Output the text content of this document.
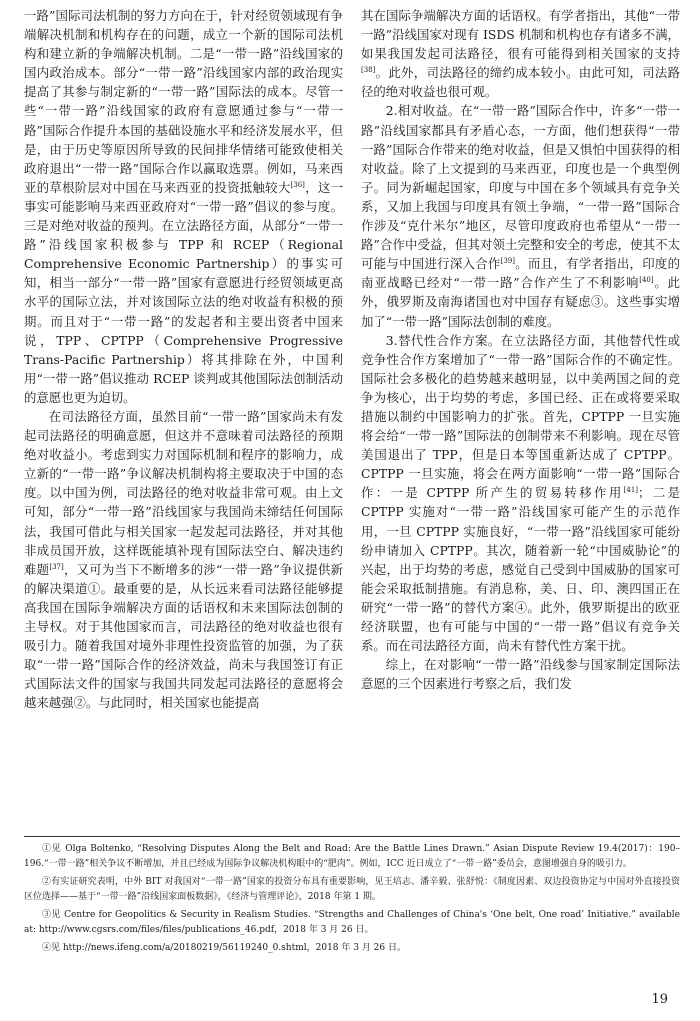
一路”国际司法机制的努力方向在于，针对经贸领域现有争端解决机制和机构存在的问题，成立一个新的国际司法机构和建立新的争端解决机制。二是“一带一路”沿线国家的国内政治成本。部分“一带一路”沿线国家内部的政治现实提高了其参与制定新的“一带一路”国际法的成本。尽管一些“一带一路”沿线国家的政府有意愿通过参与“一带一路”国际合作提升本国的基础设施水平和经济发展水平，但是，由于历史等原因所导致的民间排华情绪可能致使相关政府退出“一带一路”国际合作以赢取选票。例如，马来西亚的草根阶层对中国在马来西亚的投资抵触较大[36]，这一事实可能影响马来西亚政府对“一带一路”倡议的参与度。三是对绝对收益的预判。在立法路径方面，从部分“一带一路”沿线国家积极参与 TPP 和 RCEP（Regional Comprehensive Economic Partnership）的事实可知，相当一部分“一带一路”国家有意愿进行经贸领域更高水平的国际立法，并对该国际立法的绝对收益有积极的预期。而且对于“一带一路”的发起者和主要出资者中国来说，TPP、CPTPP（Comprehensive Progressive Trans-Pacific Partnership）将其排除在外，中国利用“一带一路”倡议推动 RCEP 谈判或其他国际法创制活动的意愿也更为迫切。

在司法路径方面，虽然目前“一带一路”国家尚未有发起司法路径的明确意愿，但这并不意味着司法路径的预期绝对收益小。考虑到实力对国际机制和程序的影响力，成立新的“一带一路”争议解决机制构将主要取决于中国的态度。以中国为例，司法路径的绝对收益非常可观。由上文可知，部分“一带一路”沿线国家与我国尚未缔结任何国际法，我国可借此与相关国家一起发起司法路径，并对其他非成员国开放，这样既能填补现有国际法空白、解决违约难题[37]，又可为当下不断增多的涉“一带一路”争议提供新的解决渠道①。最重要的是，从长远来看司法路径能够提高我国在国际争端解决方面的话语权和未来国际法创制的主导权。对于其他国家而言，司法路径的绝对收益也很有吸引力。随着我国对境外非理性投资监管的加强，为了获取“一带一路”国际合作的经济效益，尚未与我国签订有正式国际法文件的国家与我国共同发起司法路径的意愿将会越来越强②。与此同时，相关国家也能提高

其在国际争端解决方面的话语权。有学者指出，其他“一带一路”沿线国家对现有 ISDS 机制和机构也存有诸多不满，如果我国发起司法路径，很有可能得到相关国家的支持[38]。此外，司法路径的缔约成本较小。由此可知，司法路径的绝对收益也很可观。

2.相对收益。在“一带一路”国际合作中，许多“一带一路”沿线国家都具有矛盾心态，一方面，他们想获得“一带一路”国际合作带来的绝对收益，但是又惧怕中国获得的相对收益。除了上文提到的马来西亚，印度也是一个典型例子。同为新崛起国家，印度与中国在多个领域具有竞争关系，又加上我国与印度具有领土争端，“一带一路”国际合作涉及“克什米尔”地区，尽管印度政府也希望从“一带一路”合作中受益，但其对领土完整和安全的考虑，使其不太可能与中国进行深入合作[39]。而且，有学者指出，印度的南亚战略已经对“一带一路”合作产生了不利影响[40]。此外，俄罗斯及南海诸国也对中国存有疑虑③。这些事实增加了“一带一路”国际法创制的难度。

3.替代性合作方案。在立法路径方面，其他替代性或竞争性合作方案增加了“一带一路”国际合作的不确定性。国际社会多极化的趋势越来越明显，以中美两国之间的竞争为核心，出于均势的考虑，多国已经、正在或将要采取措施以制约中国影响力的扩张。首先，CPTPP 一旦实施将会给“一带一路”国际法的创制带来不利影响。现在尽管美国退出了 TPP，但是日本等国重新达成了 CPTPP。CPTPP 一旦实施，将会在两方面影响“一带一路”国际合作：一是 CPTPP 所产生的贸易转移作用[41]；二是 CPTPP 实施对“一带一路”沿线国家可能产生的示范作用，一旦 CPTPP 实施良好，“一带一路”沿线国家可能纷纷申请加入 CPTPP。其次，随着新一轮“中国威胁论”的兴起，出于均势的考虑，感觉自己受到中国威胁的国家可能会采取抵制措施。有消息称，美、日、印、澳四国正在研究“一带一路”的替代方案④。此外，俄罗斯提出的欧亚经济联盟，也有可能与中国的“一带一路”倡议有竞争关系。而在司法路径方面，尚未有替代性方案干扰。

综上，在对影响“一带一路”沿线参与国家制定国际法意愿的三个因素进行考察之后，我们发

①见 Olga Boltenko, “Resolving Disputes Along the Belt and Road: Are the Battle Lines Drawn.” Asian Dispute Review 19.4(2017)：190–196.“一带一路”相关争议不断增加，并且已经成为国际争议解决机构眼中的“肥肉”。例如，ICC 近日成立了“一带一路”委员会，意图增强自身的吸引力。

②有实证研究表明，中外 BIT 对我国对“一带一路”国家的投资分布具有重要影响，见王培志、潘辛毅、张舒悦：《制度因素、双边投资协定与中国对外直接投资区位选择——基于“一带一路”沿线国家面板数据》，《经济与管理评论》，2018 年第 1 期。

③见 Centre for Geopolitics & Security in Realism Studies. “Strengths and Challenges of China's ‘One belt, One road’ Initiative.” available at: http://www.cgsrs.com/files/files/publications_46.pdf，2018 年 3 月 26 日。

④见 http://news.ifeng.com/a/20180219/56119240_0.shtml，2018 年 3 月 26 日。

19
